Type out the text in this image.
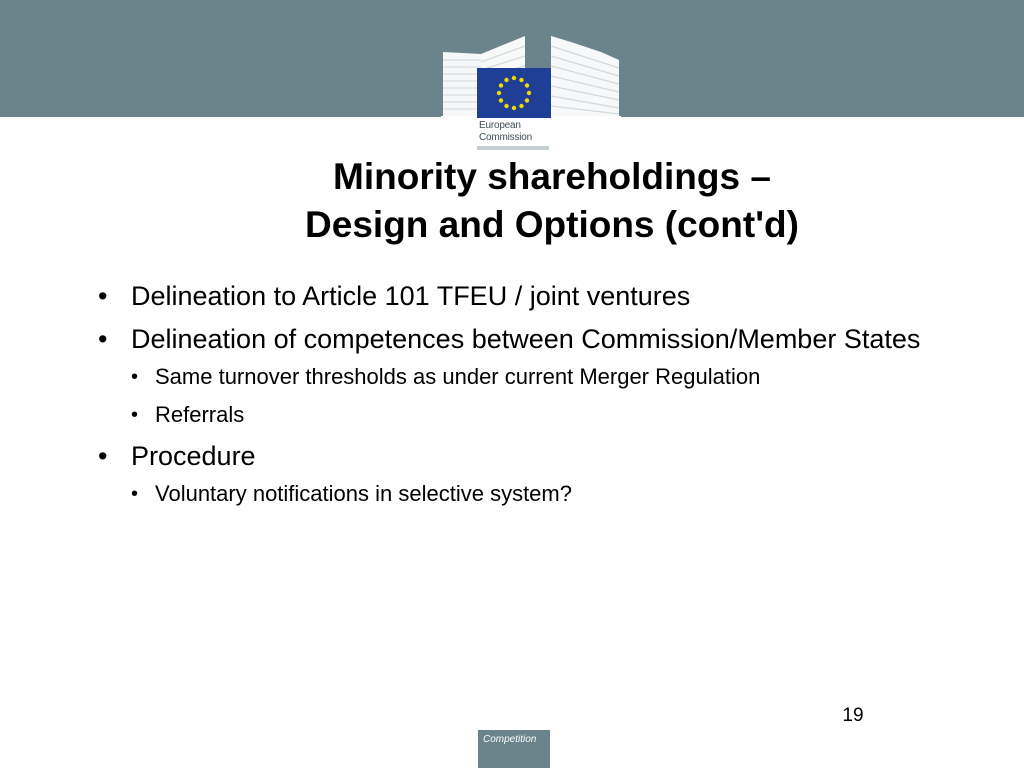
European
Commission
Minority shareholdings –
Design and Options (cont'd)
• Delineation to Article 101 TFEU / joint ventures
• Delineation of competences between Commission/Member States
• Same turnover thresholds as under current Merger Regulation
• Referrals
• Procedure
• Voluntary notifications in selective system?
19
Competition
